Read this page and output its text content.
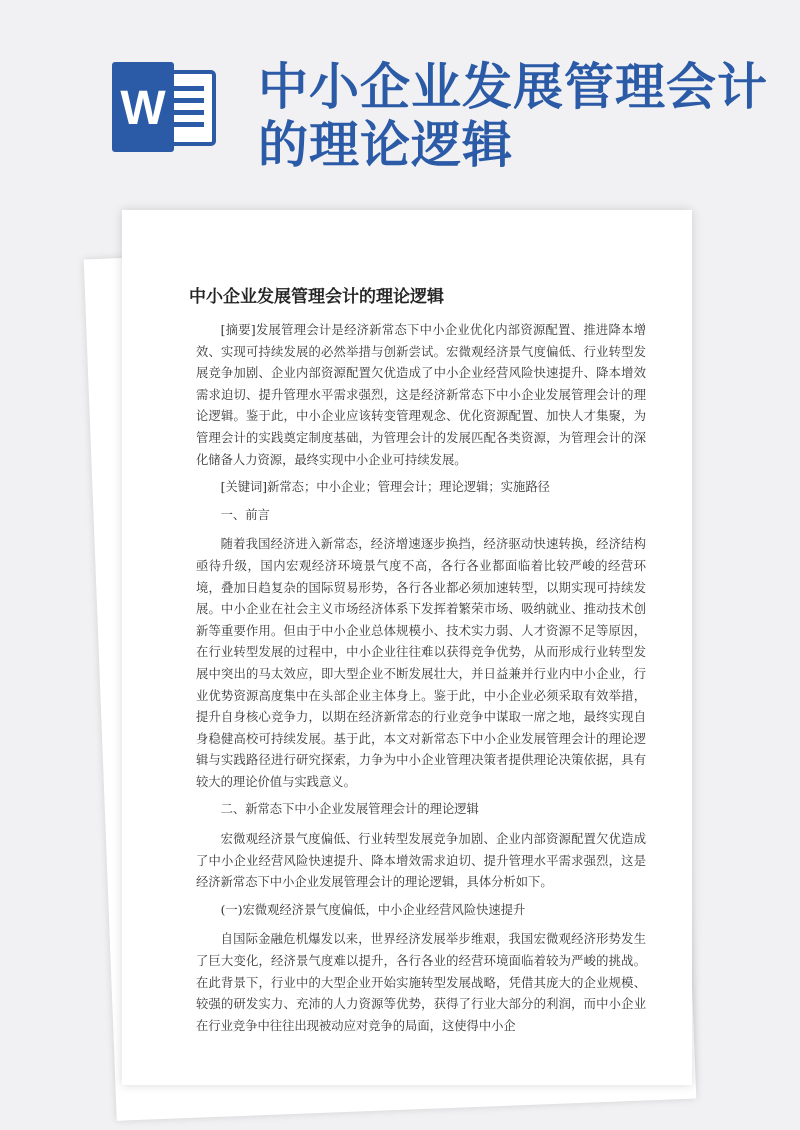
W 中小企业发展管理会计的理论逻辑
中小企业发展管理会计的理论逻辑

[摘要]发展管理会计是经济新常态下中小企业优化内部资源配置、推进降本增效、实现可持续发展的必然举措与创新尝试。宏微观经济景气度偏低、行业转型发展竞争加剧、企业内部资源配置欠优造成了中小企业经营风险快速提升、降本增效需求迫切、提升管理水平需求强烈，这是经济新常态下中小企业发展管理会计的理论逻辑。鉴于此，中小企业应该转变管理观念、优化资源配置、加快人才集聚，为管理会计的实践奠定制度基础，为管理会计的发展匹配各类资源，为管理会计的深化储备人力资源，最终实现中小企业可持续发展。

[关键词]新常态；中小企业；管理会计；理论逻辑；实施路径

一、前言

随着我国经济进入新常态，经济增速逐步换挡，经济驱动快速转换，经济结构亟待升级，国内宏观经济环境景气度不高，各行各业都面临着比较严峻的经营环境，叠加日趋复杂的国际贸易形势，各行各业都必须加速转型，以期实现可持续发展。中小企业在社会主义市场经济体系下发挥着繁荣市场、吸纳就业、推动技术创新等重要作用。但由于中小企业总体规模小、技术实力弱、人才资源不足等原因，在行业转型发展的过程中，中小企业往往难以获得竞争优势，从而形成行业转型发展中突出的马太效应，即大型企业不断发展壮大，并日益兼并行业内中小企业，行业优势资源高度集中在头部企业主体身上。鉴于此，中小企业必须采取有效举措，提升自身核心竞争力，以期在经济新常态的行业竞争中谋取一席之地，最终实现自身稳健高校可持续发展。基于此，本文对新常态下中小企业发展管理会计的理论逻辑与实践路径进行研究探索，力争为中小企业管理决策者提供理论决策依据，具有较大的理论价值与实践意义。

二、新常态下中小企业发展管理会计的理论逻辑

宏微观经济景气度偏低、行业转型发展竞争加剧、企业内部资源配置欠优造成了中小企业经营风险快速提升、降本增效需求迫切、提升管理水平需求强烈，这是经济新常态下中小企业发展管理会计的理论逻辑，具体分析如下。

(一)宏微观经济景气度偏低，中小企业经营风险快速提升

自国际金融危机爆发以来，世界经济发展举步维艰，我国宏微观经济形势发生了巨大变化，经济景气度难以提升，各行各业的经营环境面临着较为严峻的挑战。在此背景下，行业中的大型企业开始实施转型发展战略，凭借其庞大的企业规模、较强的研发实力、充沛的人力资源等优势，获得了行业大部分的利润，而中小企业在行业竞争中往往出现被动应对竞争的局面，这使得中小企
